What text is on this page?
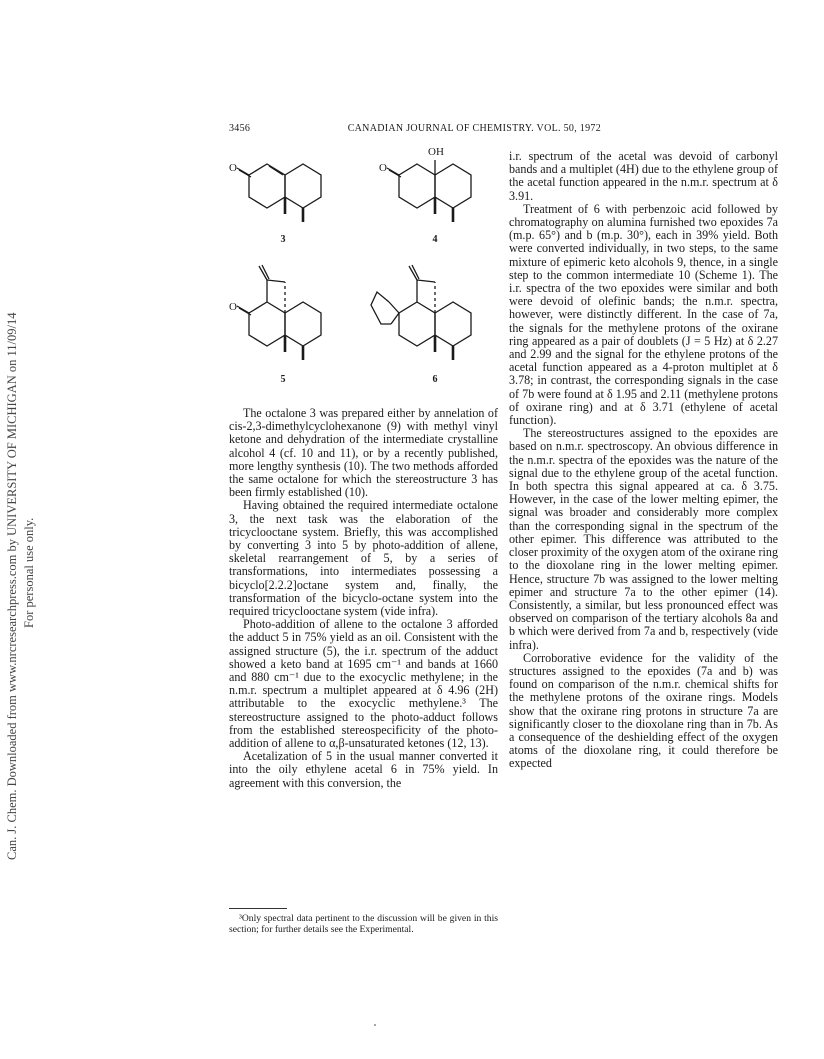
Can. J. Chem. Downloaded from www.nrcresearchpress.com by UNIVERSITY OF MICHIGAN on 11/09/14 For personal use only.
3456	CANADIAN JOURNAL OF CHEMISTRY. VOL. 50, 1972
O	O
OH
O
3	4
5	6

The octalone 3 was prepared either by annelation of cis-2,3-dimethylcyclohexanone (9) with methyl vinyl ketone and dehydration of the intermediate crystalline alcohol 4 (cf. 10 and 11), or by a recently published, more lengthy synthesis (10). The two methods afforded the same octalone for which the stereostructure 3 has been firmly established (10).

Having obtained the required intermediate octalone 3, the next task was the elaboration of the tricyclooctane system. Briefly, this was accomplished by converting 3 into 5 by photo-addition of allene, skeletal rearrangement of 5, by a series of transformations, into intermediates possessing a bicyclo[2.2.2]octane system and, finally, the transformation of the bicyclo-octane system into the required tricyclooctane system (vide infra).

Photo-addition of allene to the octalone 3 afforded the adduct 5 in 75% yield as an oil. Consistent with the assigned structure (5), the i.r. spectrum of the adduct showed a keto band at 1695 cm⁻¹ and bands at 1660 and 880 cm⁻¹ due to the exocyclic methylene; in the n.m.r. spectrum a multiplet appeared at δ 4.96 (2H) attributable to the exocyclic methylene.³ The stereostructure assigned to the photo-adduct follows from the established stereospecificity of the photo-addition of allene to α,β-unsaturated ketones (12, 13).

Acetalization of 5 in the usual manner converted it into the oily ethylene acetal 6 in 75% yield. In agreement with this conversion, the

³Only spectral data pertinent to the discussion will be given in this section; for further details see the Experimental.

i.r. spectrum of the acetal was devoid of carbonyl bands and a multiplet (4H) due to the ethylene group of the acetal function appeared in the n.m.r. spectrum at δ 3.91.

Treatment of 6 with perbenzoic acid followed by chromatography on alumina furnished two epoxides 7a (m.p. 65°) and b (m.p. 30°), each in 39% yield. Both were converted individually, in two steps, to the same mixture of epimeric keto alcohols 9, thence, in a single step to the common intermediate 10 (Scheme 1). The i.r. spectra of the two epoxides were similar and both were devoid of olefinic bands; the n.m.r. spectra, however, were distinctly different. In the case of 7a, the signals for the methylene protons of the oxirane ring appeared as a pair of doublets (J = 5 Hz) at δ 2.27 and 2.99 and the signal for the ethylene protons of the acetal function appeared as a 4-proton multiplet at δ 3.78; in contrast, the corresponding signals in the case of 7b were found at δ 1.95 and 2.11 (methylene protons of oxirane ring) and at δ 3.71 (ethylene of acetal function).

The stereostructures assigned to the epoxides are based on n.m.r. spectroscopy. An obvious difference in the n.m.r. spectra of the epoxides was the nature of the signal due to the ethylene group of the acetal function. In both spectra this signal appeared at ca. δ 3.75. However, in the case of the lower melting epimer, the signal was broader and considerably more complex than the corresponding signal in the spectrum of the other epimer. This difference was attributed to the closer proximity of the oxygen atom of the oxirane ring to the dioxolane ring in the lower melting epimer. Hence, structure 7b was assigned to the lower melting epimer and structure 7a to the other epimer (14). Consistently, a similar, but less pronounced effect was observed on comparison of the tertiary alcohols 8a and b which were derived from 7a and b, respectively (vide infra).

Corroborative evidence for the validity of the structures assigned to the epoxides (7a and b) was found on comparison of the n.m.r. chemical shifts for the methylene protons of the oxirane rings. Models show that the oxirane ring protons in structure 7a are significantly closer to the dioxolane ring than in 7b. As a consequence of the deshielding effect of the oxygen atoms of the dioxolane ring, it could therefore be expected
